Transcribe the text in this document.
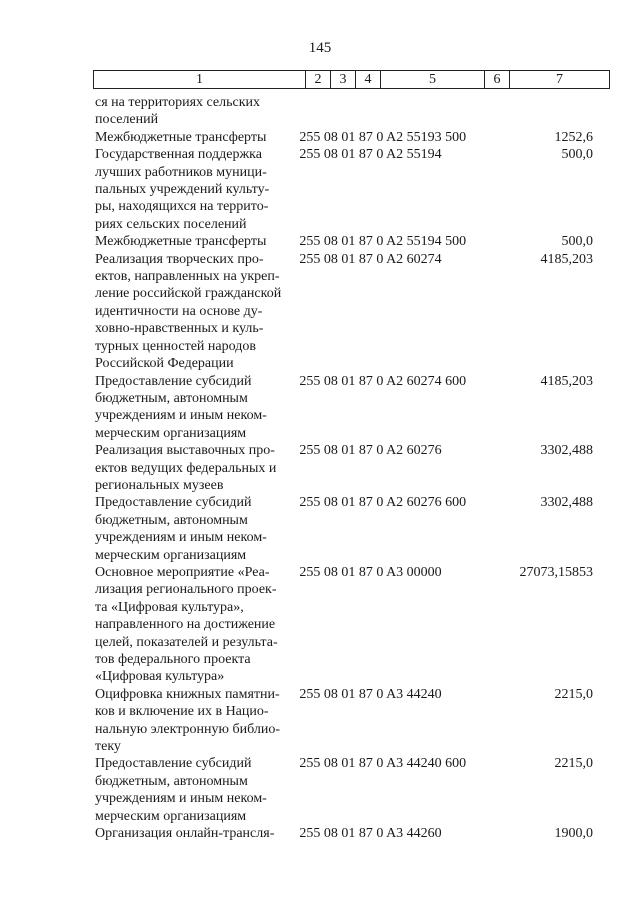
145
1	2	3	4	5	6	7
ся на территориях сельских
поселений
Межбюджетные трансферты	255 08 01 87 0 A2 55193 500	1252,6
Государственная поддержка
лучших работников муници-
пальных учреждений культу-
ры, находящихся на террито-
риях сельских поселений
255 08 01 87 0 A2 55194	500,0
Межбюджетные трансферты	255 08 01 87 0 A2 55194 500	500,0
Реализация творческих про-
ектов, направленных на укреп-
ление российской гражданской
идентичности на основе ду-
ховно-нравственных и куль-
турных ценностей народов
Российской Федерации
255 08 01 87 0 A2 60274	4185,203
Предоставление субсидий
бюджетным, автономным
учреждениям и иным неком-
мерческим организациям
255 08 01 87 0 A2 60274 600	4185,203
Реализация выставочных про-
ектов ведущих федеральных и
региональных музеев
255 08 01 87 0 A2 60276	3302,488
Предоставление субсидий
бюджетным, автономным
учреждениям и иным неком-
мерческим организациям
255 08 01 87 0 A2 60276 600	3302,488
Основное мероприятие «Реа-
лизация регионального проек-
та «Цифровая культура»,
направленного на достижение
целей, показателей и результа-
тов федерального проекта
«Цифровая культура»
255 08 01 87 0 A3 00000	27073,15853
Оцифровка книжных памятни-
ков и включение их в Нацио-
нальную электронную библио-
теку
255 08 01 87 0 A3 44240	2215,0
Предоставление субсидий
бюджетным, автономным
учреждениям и иным неком-
мерческим организациям
255 08 01 87 0 A3 44240 600	2215,0
Организация онлайн-трансля-	255 08 01 87 0 A3 44260	1900,0
